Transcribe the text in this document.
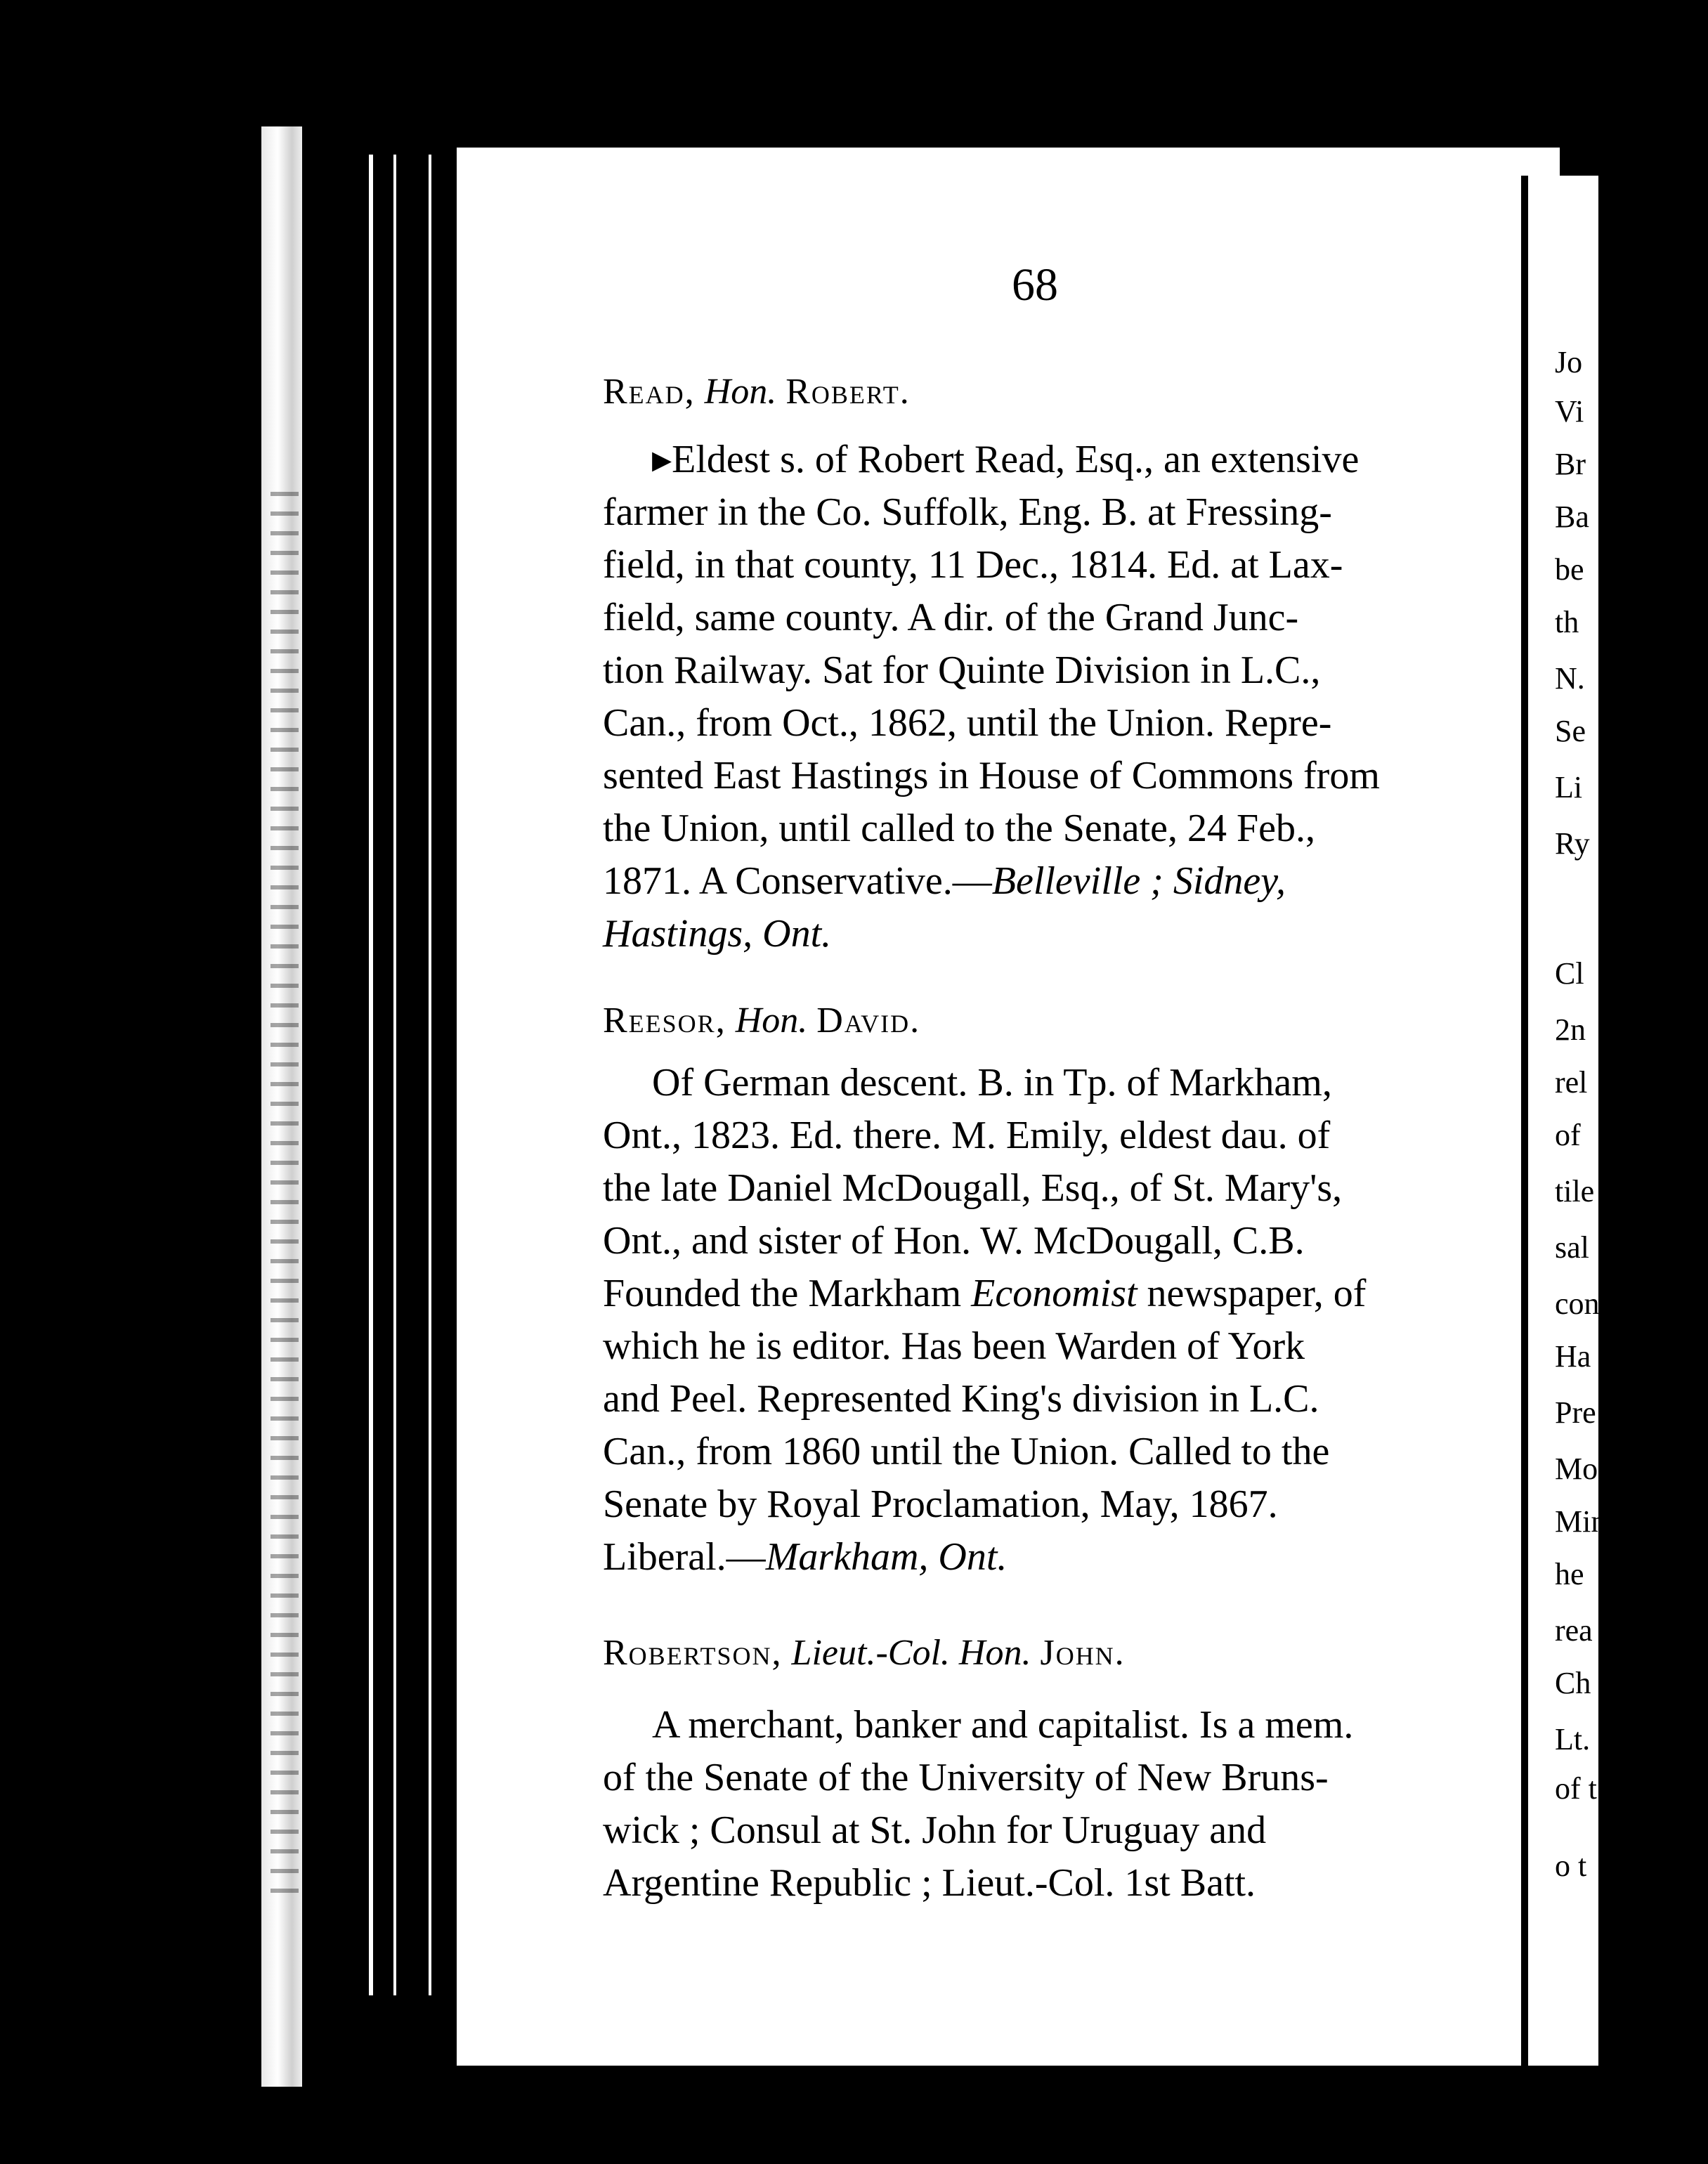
Jo
Vi
Br
Ba
be
th
N.
Se
Li
Ry
Cl
2n
rel
of
tile
sal
con
Ha
Pre
Mo
Min
he
rea
Ch
Lt.
of t
o t
68
Read, Hon. Robert.
▸Eldest s. of Robert Read, Esq., an extensive
farmer in the Co. Suffolk, Eng. B. at Fressing-
field, in that county, 11 Dec., 1814. Ed. at Lax-
field, same county. A dir. of the Grand Junc-
tion Railway. Sat for Quinte Division in L.C.,
Can., from Oct., 1862, until the Union. Repre-
sented East Hastings in House of Commons from
the Union, until called to the Senate, 24 Feb.,
1871. A Conservative.—Belleville ; Sidney,
Hastings, Ont.
Reesor, Hon. David.
Of German descent. B. in Tp. of Markham,
Ont., 1823. Ed. there. M. Emily, eldest dau. of
the late Daniel McDougall, Esq., of St. Mary's,
Ont., and sister of Hon. W. McDougall, C.B.
Founded the Markham Economist newspaper, of
which he is editor. Has been Warden of York
and Peel. Represented King's division in L.C.
Can., from 1860 until the Union. Called to the
Senate by Royal Proclamation, May, 1867.
Liberal.—Markham, Ont.
Robertson, Lieut.-Col. Hon. John.
A merchant, banker and capitalist. Is a mem.
of the Senate of the University of New Bruns-
wick ; Consul at St. John for Uruguay and
Argentine Republic ; Lieut.-Col. 1st Batt.
